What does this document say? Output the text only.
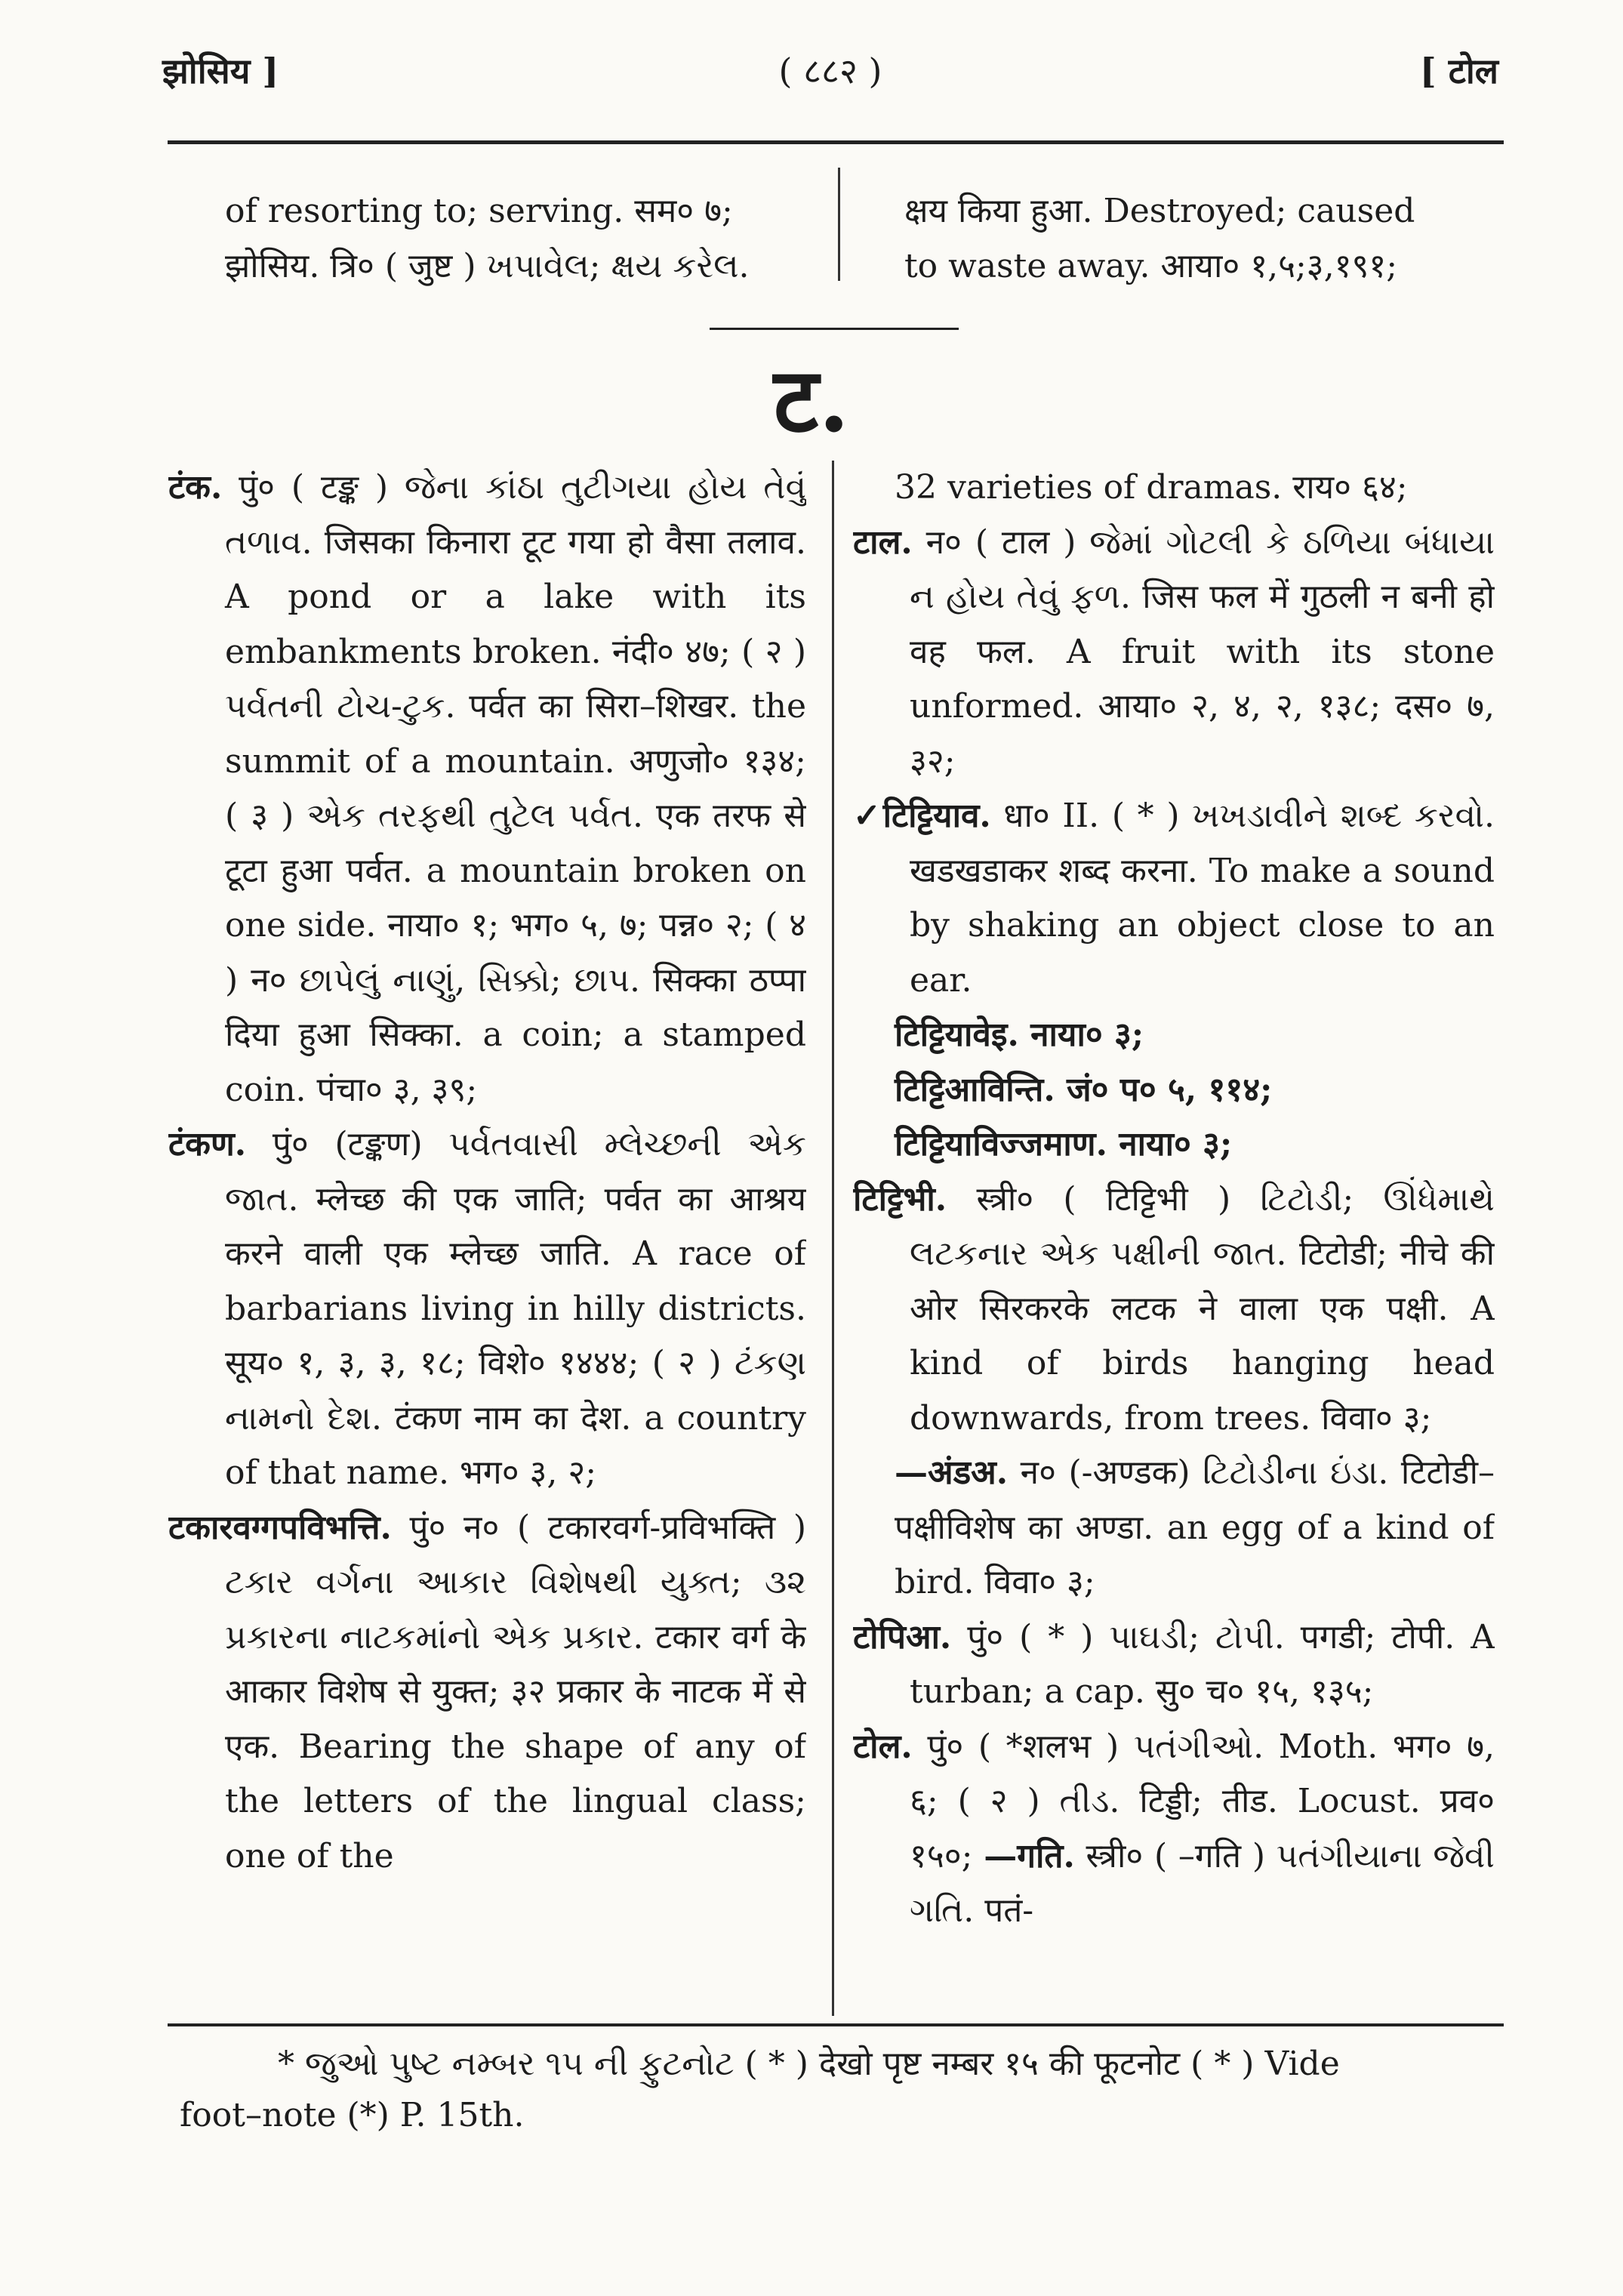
झोसिय ]	( ८८२ )	[ टोल

of resorting to; serving. सम० ७;

झोसिय. त्रि० ( जुष्ट ) ખપાવેલ; ક્ષય કરેલ.

क्षय किया हुआ. Destroyed; caused

to waste away. आया० १,५;३,१९१;

ट.

टंक. पुं० ( टङ्क ) જેના કાંઠા તુટીગયા હોય તેવું તળાવ. जिसका किनारा टूट गया हो वैसा तलाव. A pond or a lake with its embankments broken. नंदी० ४७; ( २ ) પર્વતની ટોચ-ટુક. पर्वत का सिरा–शिखर. the summit of a mountain. अणुजो० १३४; ( ३ ) એક તરફથી તુટેલ પર્વત. एक तरफ से टूटा हुआ पर्वत. a mountain broken on one side. नाया० १; भग० ५, ७; पन्न० २; ( ४ ) न० છાપેલું નાણું, સિક્કો; છાપ. सिक्का ठप्पा दिया हुआ सिक्का. a coin; a stamped coin. पंचा० ३, ३९;

टंकण. पुं० (टङ्कण) પર્વતવાસી મ્લેચ્છની એક જાત. म्लेच्छ की एक जाति; पर्वत का आश्रय करने वाली एक म्लेच्छ जाति. A race of barbarians living in hilly districts. सूय० १, ३, ३, १८; विशे० १४४४; ( २ ) ટંકણ નામનો દેશ. टंकण नाम का देश. a country of that name. भग० ३, २;

टकारवग्गपविभत्ति. पुं० न० ( टकारवर्ग-प्रविभक्ति ) ટકાર વર્ગના આકાર વિશેષથી યુક્ત; ૩૨ પ્રકારના નાટકમાંનો એક પ્રકાર. टकार वर्ग के आकार विशेष से युक्त; ३२ प्रकार के नाटक में से एक. Bearing the shape of any of the letters of the lingual class; one of the

32 varieties of dramas. राय० ६४;

टाल. न० ( टाल ) જેમાં ગોટલી કે ઠળિયા બંધાયા ન હોય તેવું ફળ. जिस फल में गुठली न बनी हो वह फल. A fruit with its stone unformed. आया० २, ४, २, १३८; दस० ७, ३२;

✓टिट्टियाव. धा० II. ( * ) ખખડાવીને શબ્દ કરવો. खडखडाकर शब्द करना. To make a sound by shaking an object close to an ear.

टिट्टियावेइ. नाया० ३;

टिट्टिआविन्ति. जं० प० ५, ११४;

टिट्टियाविज्जमाण. नाया० ३;

टिट्टिभी. स्त्री० ( टिट्टिभी ) ટિટોડી; ઊંધેમાથે લટકનાર એક પક્ષીની જાત. टिटोडी; नीचे की ओर सिरकरके लटक ने वाला एक पक्षी. A kind of birds hanging head downwards, from trees. विवा० ३;

—अंडअ. न० (-अण्डक) ટિટોડીના ઇંડા. टिटोडी–पक्षीविशेष का अण्डा. an egg of a kind of bird. विवा० ३;

टोपिआ. पुं० ( * ) પાઘડી; ટોપી. पगडी; टोपी. A turban; a cap. सु० च० १५, १३५;

टोल. पुं० ( *शलभ ) પતંગીઓ. Moth. भग० ७, ६; ( २ ) તીડ. टिड्डी; तीड. Locust. प्रव० १५०; —गति. स्त्री० ( –गति ) પતંગીયાના જેવી ગતિ. पतं-

* જુઓ પુષ્ટ નમ્બર ૧૫ ની ફુટનોટ ( * ) देखो पृष्ट नम्बर १५ की फूटनोट ( * ) Vide
foot–note (*) P. 15th.
